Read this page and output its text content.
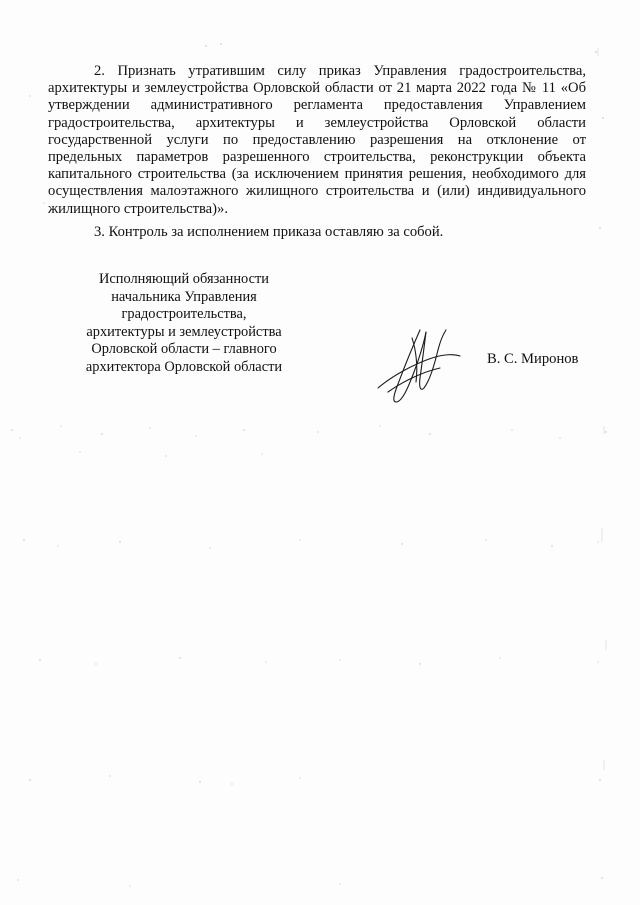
2. Признать утратившим силу приказ Управления градостроительства, архитектуры и землеустройства Орловской области от 21 марта 2022 года № 11 «Об утверждении административного регламента предоставления Управлением градостроительства, архитектуры и землеустройства Орловской области государственной услуги по предоставлению разрешения на отклонение от предельных параметров разрешенного строительства, реконструкции объекта капитального строительства (за исключением принятия решения, необходимого для осуществления малоэтажного жилищного строительства и (или) индивидуального жилищного строительства)».

3. Контроль за исполнением приказа оставляю за собой.

Исполняющий обязанности
начальника Управления
градостроительства,
архитектуры и землеустройства
Орловской области – главного
архитектора Орловской области	В. С. Миронов
